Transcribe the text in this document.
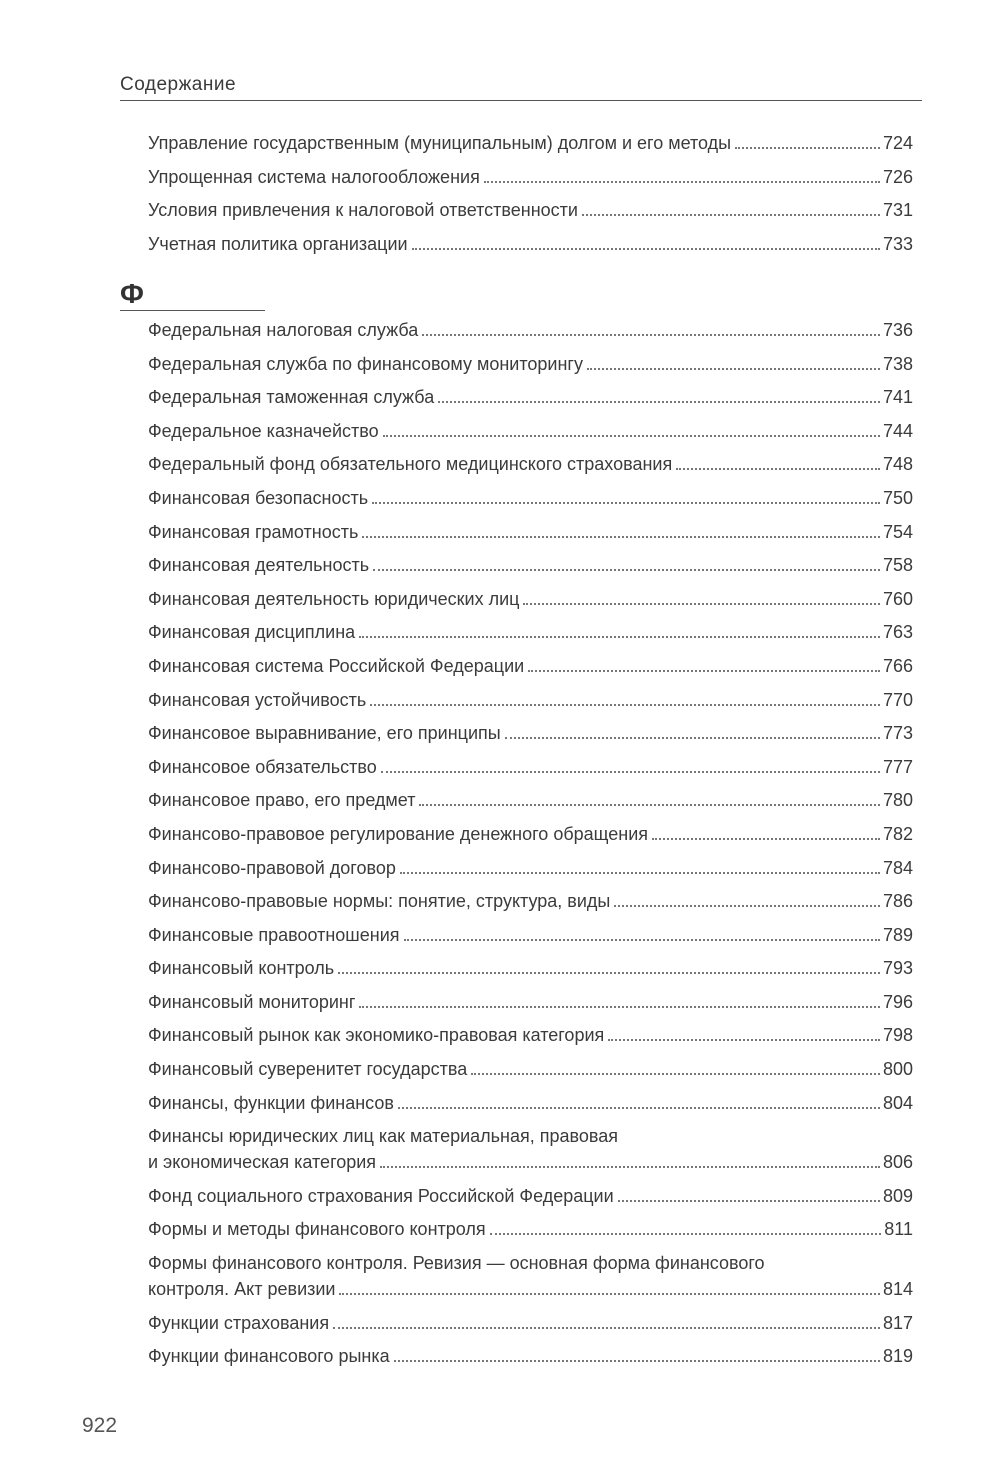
Содержание
Управление государственным (муниципальным) долгом и его методы	724
Упрощенная система налогообложения	726
Условия привлечения к налоговой ответственности	731
Учетная политика организации	733
Ф
Федеральная налоговая служба	736
Федеральная служба по финансовому мониторингу	738
Федеральная таможенная служба	741
Федеральное казначейство	744
Федеральный фонд обязательного медицинского страхования	748
Финансовая безопасность	750
Финансовая грамотность	754
Финансовая деятельность	758
Финансовая деятельность юридических лиц	760
Финансовая дисциплина	763
Финансовая система Российской Федерации	766
Финансовая устойчивость	770
Финансовое выравнивание, его принципы	773
Финансовое обязательство	777
Финансовое право, его предмет	780
Финансово-правовое регулирование денежного обращения	782
Финансово-правовой договор	784
Финансово-правовые нормы: понятие, структура, виды	786
Финансовые правоотношения	789
Финансовый контроль	793
Финансовый мониторинг	796
Финансовый рынок как экономико-правовая категория	798
Финансовый суверенитет государства	800
Финансы, функции финансов	804
Финансы юридических лиц как материальная, правовая
и экономическая категория	806
Фонд социального страхования Российской Федерации	809
Формы и методы финансового контроля	811
Формы финансового контроля. Ревизия — основная форма финансового
контроля. Акт ревизии	814
Функции страхования	817
Функции финансового рынка	819
922
